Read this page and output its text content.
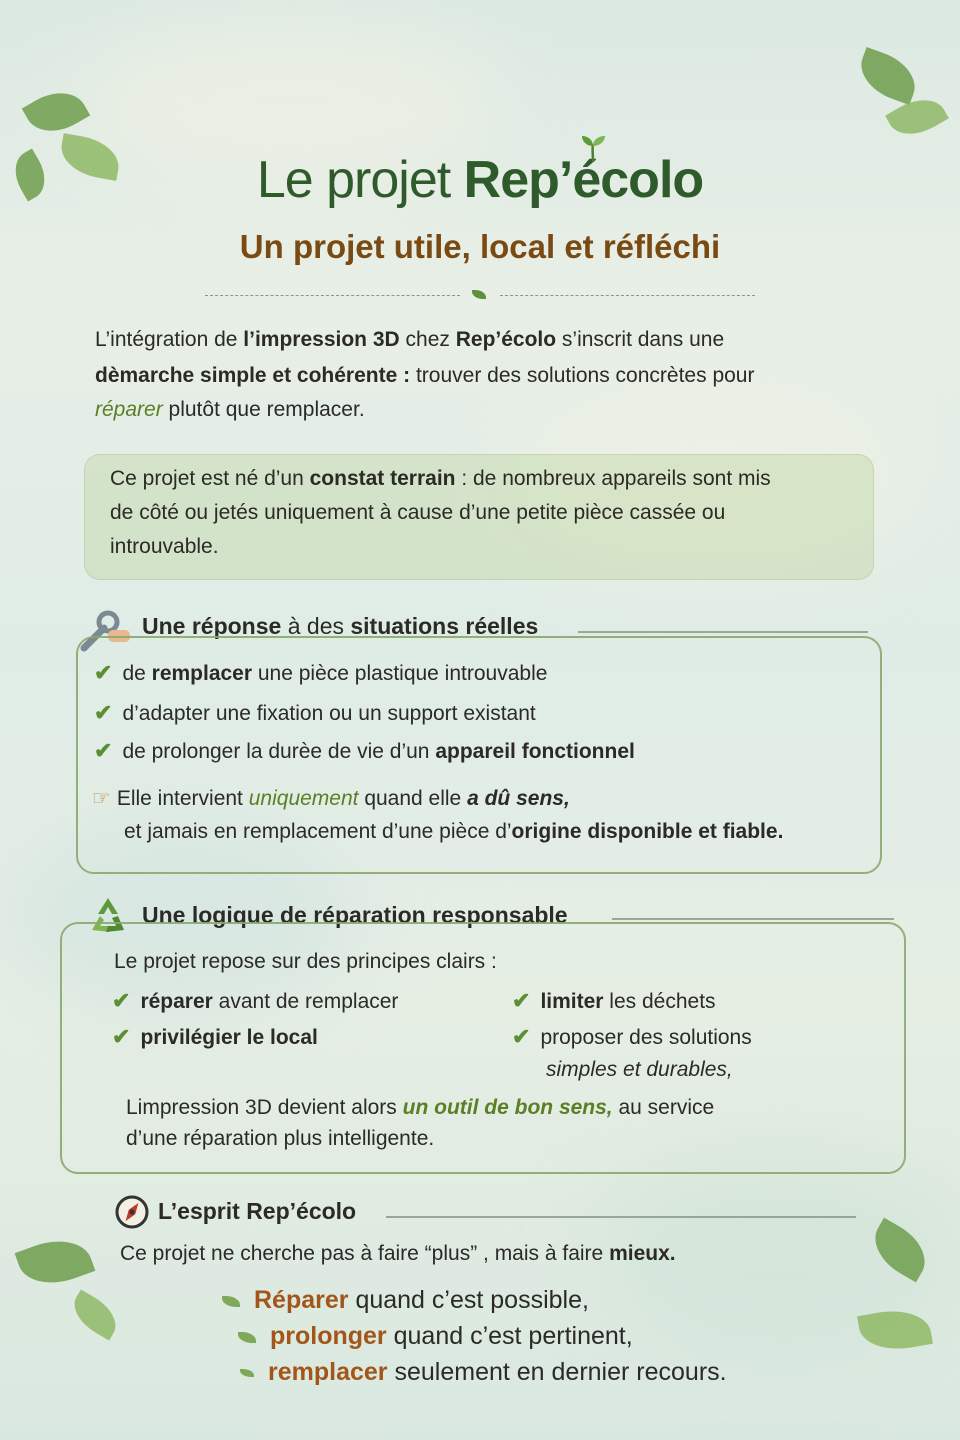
Le projet Rep’écolo
Un projet utile, local et réfléchi
L’intégration de l’impression 3D chez Rep’écolo s’inscrit dans une
dèmarche simple et cohérente : trouver des solutions concrètes pour
réparer plutôt que remplacer.
Ce projet est né d’un constat terrain : de nombreux appareils sont mis
de côté ou jetés uniquement à cause d’une petite pièce cassée ou
introuvable.
Une réponse à des situations réelles
✔ de remplacer une pièce plastique introuvable
✔ d’adapter une fixation ou un support existant
✔ de prolonger la durèe de vie d’un appareil fonctionnel
☞ Elle intervient uniquement quand elle a dû sens,
et jamais en remplacement d’une pièce d’origine disponible et fiable.
Une logique de réparation responsable
Le projet repose sur des principes clairs :
✔ réparer avant de remplacer
✔ privilégier le local
✔ limiter les déchets
✔ proposer des solutions
simples et durables,
Limpression 3D devient alors un outil de bon sens, au service
d’une réparation plus intelligente.
L’esprit Rep’écolo
Ce projet ne cherche pas à faire “plus” , mais à faire mieux.
Réparer quand c’est possible,
prolonger quand c’est pertinent,
remplacer seulement en dernier recours.
